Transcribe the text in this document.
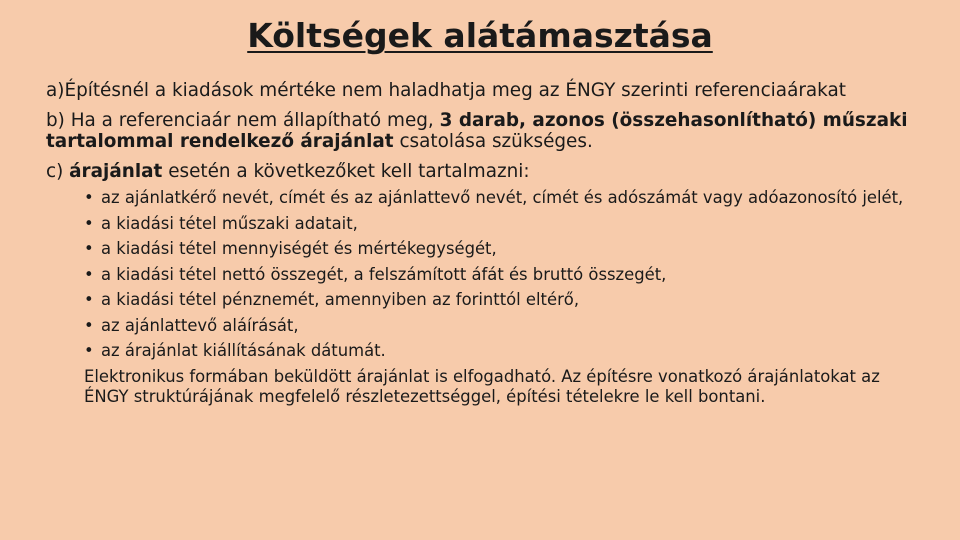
Költségek alátámasztása

a)Építésnél a kiadások mértéke nem haladhatja meg az ÉNGY szerinti referenciaárakat

b) Ha a referenciaár nem állapítható meg, 3 darab, azonos (összehasonlítható) műszaki tartalommal rendelkező árajánlat csatolása szükséges.

c) árajánlat esetén a következőket kell tartalmazni:

• az ajánlatkérő nevét, címét és az ajánlattevő nevét, címét és adószámát vagy adóazonosító jelét,
• a kiadási tétel műszaki adatait,
• a kiadási tétel mennyiségét és mértékegységét,
• a kiadási tétel nettó összegét, a felszámított áfát és bruttó összegét,
• a kiadási tétel pénznemét, amennyiben az forinttól eltérő,
• az ajánlattevő aláírását,
• az árajánlat kiállításának dátumát.

Elektronikus formában beküldött árajánlat is elfogadható. Az építésre vonatkozó árajánlatokat az ÉNGY struktúrájának megfelelő részletezettséggel, építési tételekre le kell bontani.
